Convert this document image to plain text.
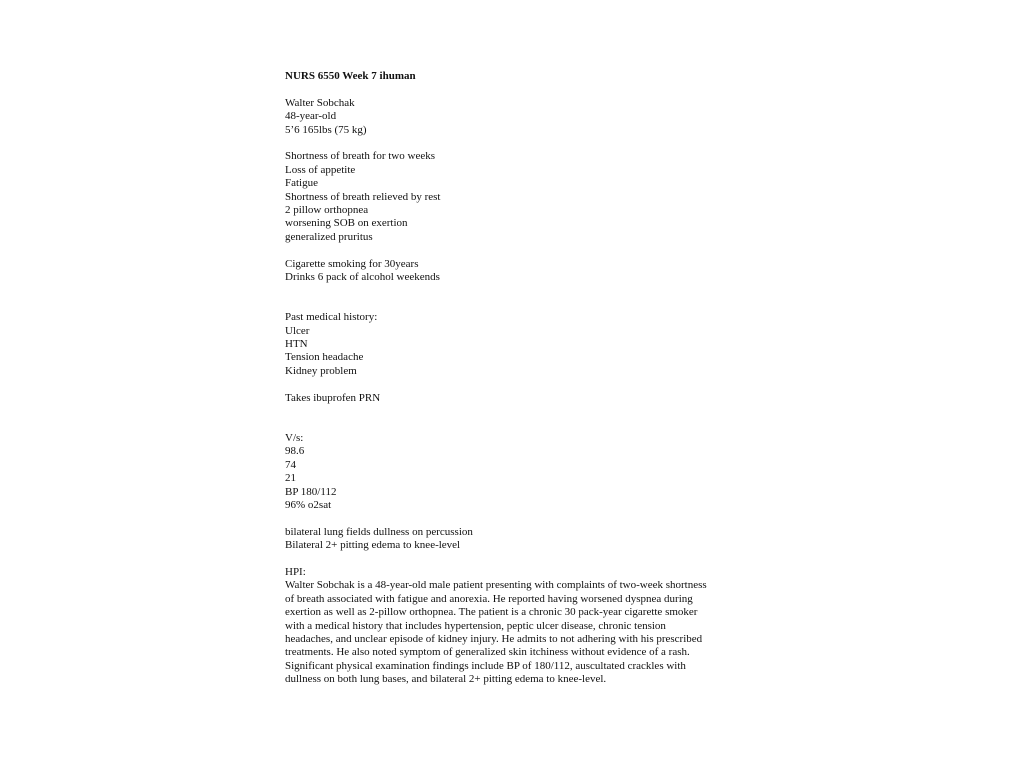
NURS 6550 Week 7 ihuman
Walter Sobchak
48-year-old
5’6 165lbs (75 kg)
Shortness of breath for two weeks
Loss of appetite
Fatigue
Shortness of breath relieved by rest
2 pillow orthopnea
worsening SOB on exertion
generalized pruritus
Cigarette smoking for 30years
Drinks 6 pack of alcohol weekends
Past medical history:
Ulcer
HTN
Tension headache
Kidney problem
Takes ibuprofen PRN
V/s:
98.6
74
21
BP 180/112
96% o2sat
bilateral lung fields dullness on percussion
Bilateral 2+ pitting edema to knee-level
HPI:
Walter Sobchak is a 48-year-old male patient presenting with complaints of two-week shortness
of breath associated with fatigue and anorexia. He reported having worsened dyspnea during
exertion as well as 2-pillow orthopnea. The patient is a chronic 30 pack-year cigarette smoker
with a medical history that includes hypertension, peptic ulcer disease, chronic tension
headaches, and unclear episode of kidney injury. He admits to not adhering with his prescribed
treatments. He also noted symptom of generalized skin itchiness without evidence of a rash.
Significant physical examination findings include BP of 180/112, auscultated crackles with
dullness on both lung bases, and bilateral 2+ pitting edema to knee-level.
